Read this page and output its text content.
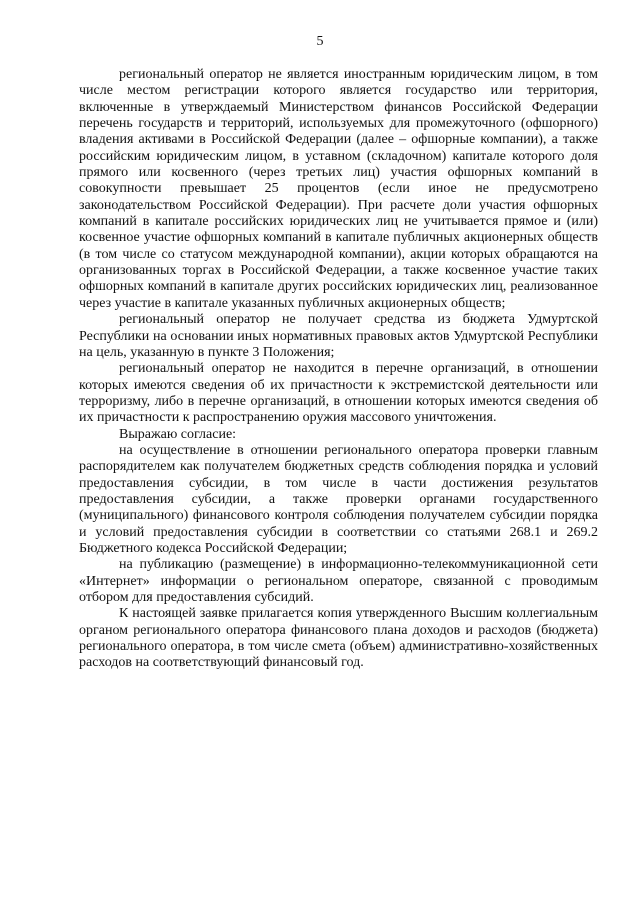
5

региональный оператор не является иностранным юридическим лицом, в том числе местом регистрации которого является государство или территория, включенные в утверждаемый Министерством финансов Российской Федерации перечень государств и территорий, используемых для промежуточного (офшорного) владения активами в Российской Федерации (далее – офшорные компании), а также российским юридическим лицом, в уставном (складочном) капитале которого доля прямого или косвенного (через третьих лиц) участия офшорных компаний в совокупности превышает 25 процентов (если иное не предусмотрено законодательством Российской Федерации). При расчете доли участия офшорных компаний в капитале российских юридических лиц не учитывается прямое и (или) косвенное участие офшорных компаний в капитале публичных акционерных обществ (в том числе со статусом международной компании), акции которых обращаются на организованных торгах в Российской Федерации, а также косвенное участие таких офшорных компаний в капитале других российских юридических лиц, реализованное через участие в капитале указанных публичных акционерных обществ;

региональный оператор не получает средства из бюджета Удмуртской Республики на основании иных нормативных правовых актов Удмуртской Республики на цель, указанную в пункте 3 Положения;

региональный оператор не находится в перечне организаций, в отношении которых имеются сведения об их причастности к экстремистской деятельности или терроризму, либо в перечне организаций, в отношении которых имеются сведения об их причастности к распространению оружия массового уничтожения.

Выражаю согласие:

на осуществление в отношении регионального оператора проверки главным распорядителем как получателем бюджетных средств соблюдения порядка и условий предоставления субсидии, в том числе в части достижения результатов предоставления субсидии, а также проверки органами государственного (муниципального) финансового контроля соблюдения получателем субсидии порядка и условий предоставления субсидии в соответствии со статьями 268.1 и 269.2 Бюджетного кодекса Российской Федерации;

на публикацию (размещение) в информационно-телекоммуникационной сети «Интернет» информации о региональном операторе, связанной с проводимым отбором для предоставления субсидий.

К настоящей заявке прилагается копия утвержденного Высшим коллегиальным органом регионального оператора финансового плана доходов и расходов (бюджета) регионального оператора, в том числе смета (объем) административно-хозяйственных расходов на соответствующий финансовый год.
